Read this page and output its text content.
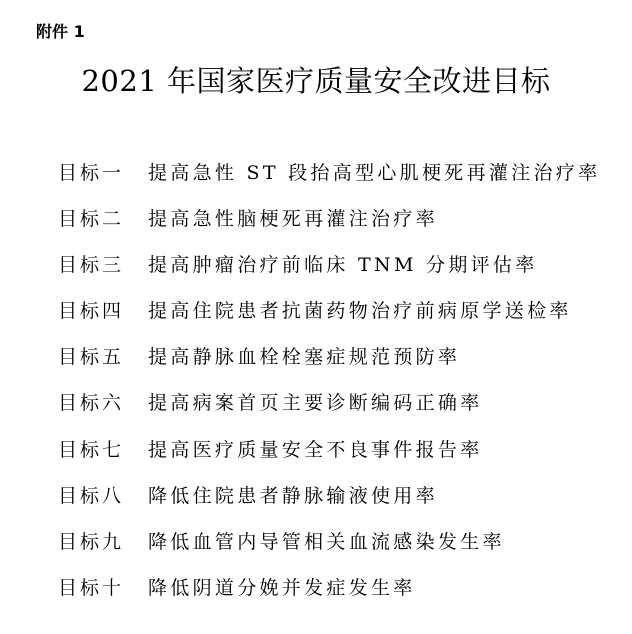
附件 1
2021 年国家医疗质量安全改进目标
目标一	提高急性 ST 段抬高型心肌梗死再灌注治疗率
目标二	提高急性脑梗死再灌注治疗率
目标三	提高肿瘤治疗前临床 TNM 分期评估率
目标四	提高住院患者抗菌药物治疗前病原学送检率
目标五	提高静脉血栓栓塞症规范预防率
目标六	提高病案首页主要诊断编码正确率
目标七	提高医疗质量安全不良事件报告率
目标八	降低住院患者静脉输液使用率
目标九	降低血管内导管相关血流感染发生率
目标十	降低阴道分娩并发症发生率
